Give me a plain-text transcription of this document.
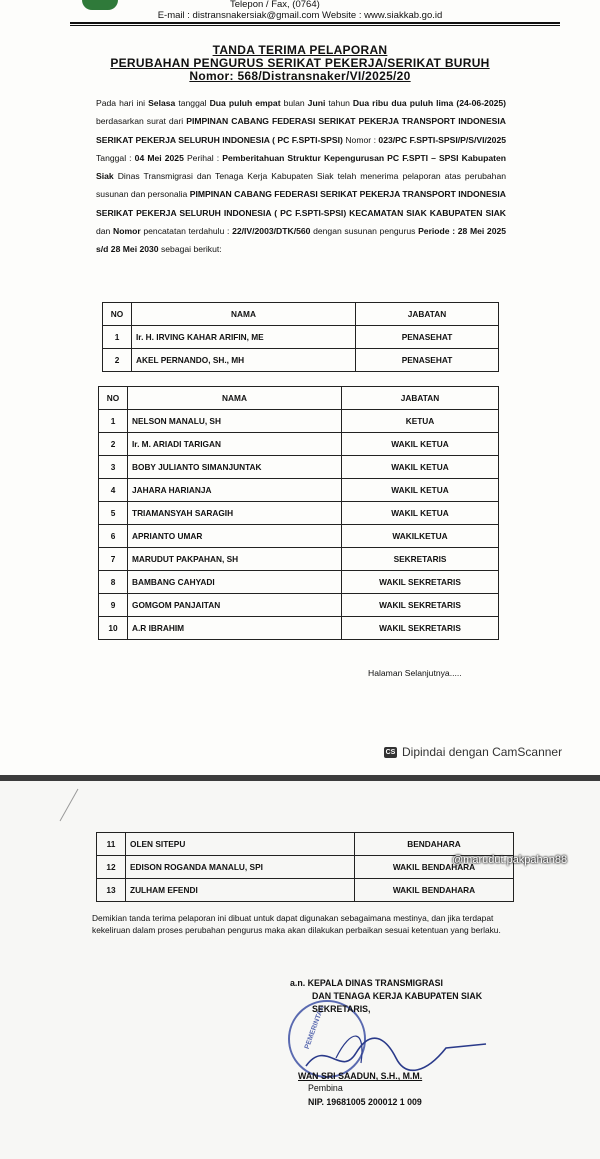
Telepon / Fax, (0764)
E-mail : distransnakersiak@gmail.com Website : www.siakkab.go.id
TANDA TERIMA PELAPORAN
PERUBAHAN PENGURUS SERIKAT PEKERJA/SERIKAT BURUH
Nomor: 568/Distransnaker/VI/2025/20
Pada hari ini Selasa tanggal Dua puluh empat bulan Juni tahun Dua ribu dua puluh lima (24-06-2025) berdasarkan surat dari PIMPINAN CABANG FEDERASI SERIKAT PEKERJA TRANSPORT INDONESIA SERIKAT PEKERJA SELURUH INDONESIA ( PC F.SPTI-SPSI) Nomor : 023/PC F.SPTI-SPSI/P/S/VI/2025 Tanggal : 04 Mei 2025 Perihal : Pemberitahuan Struktur Kepengurusan PC F.SPTI – SPSI Kabupaten Siak Dinas Transmigrasi dan Tenaga Kerja Kabupaten Siak telah menerima pelaporan atas perubahan susunan dan personalia PIMPINAN CABANG FEDERASI SERIKAT PEKERJA TRANSPORT INDONESIA SERIKAT PEKERJA SELURUH INDONESIA ( PC F.SPTI-SPSI) KECAMATAN SIAK KABUPATEN SIAK dan Nomor pencatatan terdahulu : 22/IV/2003/DTK/560 dengan susunan pengurus Periode : 28 Mei 2025 s/d 28 Mei 2030 sebagai berikut:
NO	NAMA	JABATAN
1	Ir. H. IRVING KAHAR ARIFIN, ME	PENASEHAT
2	AKEL PERNANDO, SH., MH	PENASEHAT
NO	NAMA	JABATAN
1	NELSON MANALU, SH	KETUA
2	Ir. M. ARIADI TARIGAN	WAKIL KETUA
3	BOBY JULIANTO SIMANJUNTAK	WAKIL KETUA
4	JAHARA HARIANJA	WAKIL KETUA
5	TRIAMANSYAH SARAGIH	WAKIL KETUA
6	APRIANTO UMAR	WAKILKETUA
7	MARUDUT PAKPAHAN, SH	SEKRETARIS
8	BAMBANG CAHYADI	WAKIL SEKRETARIS
9	GOMGOM PANJAITAN	WAKIL SEKRETARIS
10	A.R IBRAHIM	WAKIL SEKRETARIS
Halaman Selanjutnya.....
CS Dipindai dengan CamScanner
11	OLEN SITEPU	BENDAHARA
12	EDISON ROGANDA MANALU, SPI	WAKIL BENDAHARA
13	ZULHAM EFENDI	WAKIL BENDAHARA
@marudut.pakpahan88
Demikian tanda terima pelaporan ini dibuat untuk dapat digunakan sebagaimana mestinya, dan jika terdapat kekeliruan dalam proses perubahan pengurus maka akan dilakukan perbaikan sesuai ketentuan yang berlaku.
PEMERINTAH
a.n. KEPALA DINAS TRANSMIGRASI
DAN TENAGA KERJA KABUPATEN SIAK
SEKRETARIS,
WAN SRI SAADUN, S.H., M.M.
Pembina
NIP. 19681005 200012 1 009
